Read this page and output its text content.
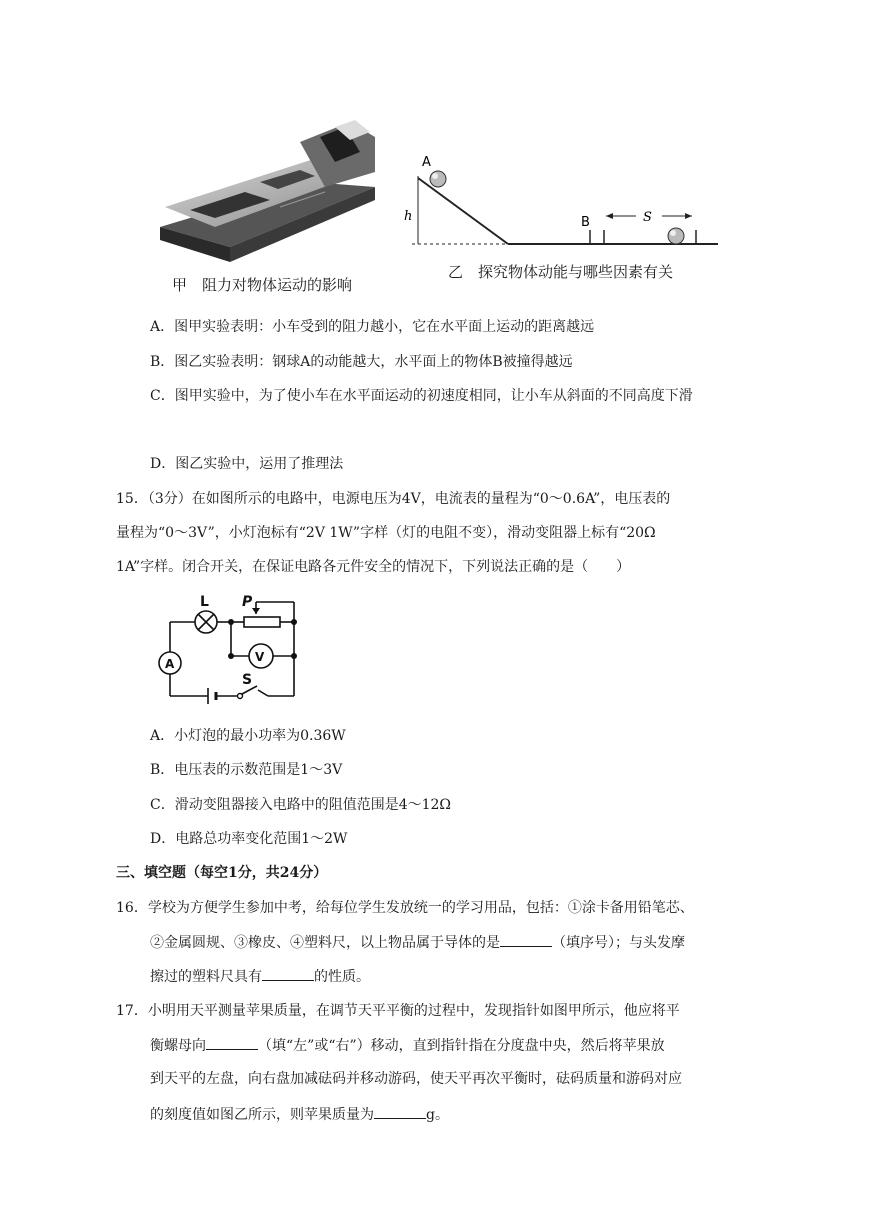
甲　阻力对物体运动的影响
A
h	B	S
乙　探究物体动能与哪些因素有关
A．图甲实验表明：小车受到的阻力越小，它在水平面上运动的距离越远
B．图乙实验表明：钢球A的动能越大，水平面上的物体B被撞得越远
C．图甲实验中，为了使小车在水平面运动的初速度相同，让小车从斜面的不同高度下滑
D．图乙实验中，运用了推理法
15．（3分）在如图所示的电路中，电源电压为4V，电流表的量程为“0～0.6A”，电压表的
量程为“0～3V”，小灯泡标有“2V 1W”字样（灯的电阻不变），滑动变阻器上标有“20Ω
1A”字样。闭合开关，在保证电路各元件安全的情况下，下列说法正确的是（　　）
L P
A	V
S
A．小灯泡的最小功率为0.36W
B．电压表的示数范围是1～3V
C．滑动变阻器接入电路中的阻值范围是4～12Ω
D．电路总功率变化范围1～2W
三、填空题（每空1分，共24分）
16．学校为方便学生参加中考，给每位学生发放统一的学习用品，包括：①涂卡备用铅笔芯、
②金属圆规、③橡皮、④塑料尺，以上物品属于导体的是	（填序号）；与头发摩
擦过的塑料尺具有	的性质。
17．小明用天平测量苹果质量，在调节天平平衡的过程中，发现指针如图甲所示，他应将平
衡螺母向	（填“左”或“右”）移动，直到指针指在分度盘中央，然后将苹果放
到天平的左盘，向右盘加减砝码并移动游码，使天平再次平衡时，砝码质量和游码对应
的刻度值如图乙所示，则苹果质量为	g。
